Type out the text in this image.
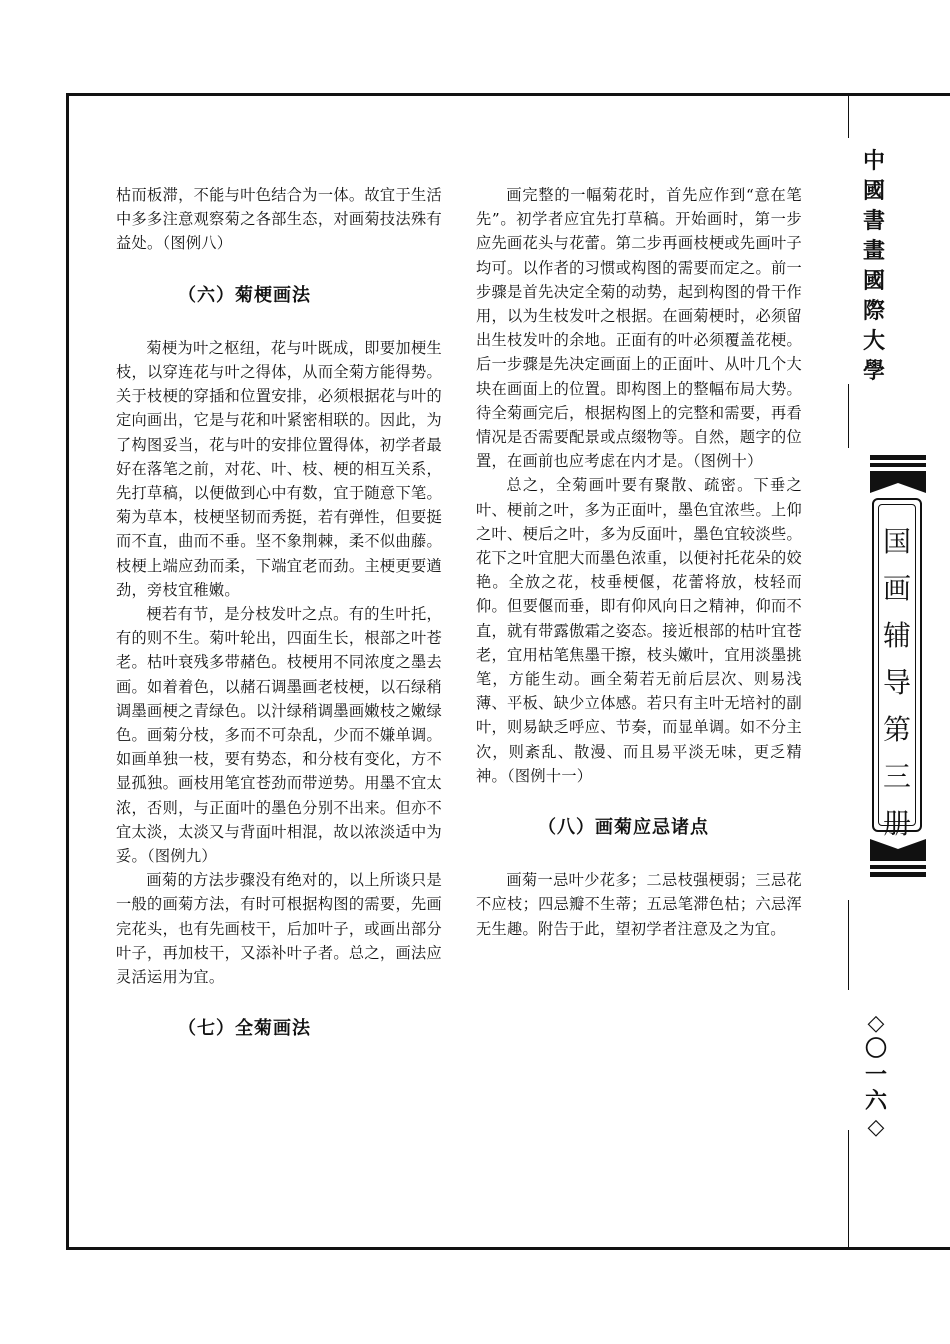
枯而板滞，不能与叶色结合为一体。故宜于生活中多多注意观察菊之各部生态，对画菊技法殊有益处。（图例八）

（六）菊梗画法

菊梗为叶之枢纽，花与叶既成，即要加梗生枝，以穿连花与叶之得体，从而全菊方能得势。关于枝梗的穿插和位置安排，必须根据花与叶的定向画出，它是与花和叶紧密相联的。因此，为了构图妥当，花与叶的安排位置得体，初学者最好在落笔之前，对花、叶、枝、梗的相互关系，先打草稿，以便做到心中有数，宜于随意下笔。菊为草本，枝梗坚韧而秀挺，若有弹性，但要挺而不直，曲而不垂。坚不象荆棘，柔不似曲藤。枝梗上端应劲而柔，下端宜老而劲。主梗更要遒劲，旁枝宜稚嫩。

梗若有节，是分枝发叶之点。有的生叶托，有的则不生。菊叶轮出，四面生长，根部之叶苍老。枯叶衰残多带赭色。枝梗用不同浓度之墨去画。如着着色，以赭石调墨画老枝梗，以石绿稍调墨画梗之青绿色。以汁绿稍调墨画嫩枝之嫩绿色。画菊分枝，多而不可杂乱，少而不嫌单调。如画单独一枝，要有势态，和分枝有变化，方不显孤独。画枝用笔宜苍劲而带逆势。用墨不宜太浓，否则，与正面叶的墨色分别不出来。但亦不宜太淡，太淡又与背面叶相混，故以浓淡适中为妥。（图例九）

画菊的方法步骤没有绝对的，以上所谈只是一般的画菊方法，有时可根据构图的需要，先画完花头，也有先画枝干，后加叶子，或画出部分叶子，再加枝干，又添补叶子者。总之，画法应灵活运用为宜。

（七）全菊画法

画完整的一幅菊花时，首先应作到“意在笔先”。初学者应宜先打草稿。开始画时，第一步应先画花头与花蕾。第二步再画枝梗或先画叶子均可。以作者的习惯或构图的需要而定之。前一步骤是首先决定全菊的动势，起到构图的骨干作用，以为生枝发叶之根据。在画菊梗时，必须留出生枝发叶的余地。正面有的叶必须覆盖花梗。后一步骤是先决定画面上的正面叶、从叶几个大块在画面上的位置。即构图上的整幅布局大势。待全菊画完后，根据构图上的完整和需要，再看情况是否需要配景或点缀物等。自然，题字的位置，在画前也应考虑在内才是。（图例十）

总之，全菊画叶要有聚散、疏密。下垂之叶、梗前之叶，多为正面叶，墨色宜浓些。上仰之叶、梗后之叶，多为反面叶，墨色宜较淡些。花下之叶宜肥大而墨色浓重，以便衬托花朵的姣艳。全放之花，枝垂梗偃，花蕾将放，枝轻而仰。但要偃而垂，即有仰风向日之精神，仰而不直，就有带露傲霜之姿态。接近根部的枯叶宜苍老，宜用枯笔焦墨干擦，枝头嫩叶，宜用淡墨挑笔，方能生动。画全菊若无前后层次、则易浅薄、平板、缺少立体感。若只有主叶无培衬的副叶，则易缺乏呼应、节奏，而显单调。如不分主次，则紊乱、散漫、而且易平淡无味，更乏精神。（图例十一）

（八）画菊应忌诸点

画菊一忌叶少花多；二忌枝强梗弱；三忌花不应枝；四忌瓣不生蒂；五忌笔滞色枯；六忌浑无生趣。附告于此，望初学者注意及之为宜。

中
國
書
畫
國
際
大
學
国
画
辅
导
第
三
册
◇
〇
一
六
◇
